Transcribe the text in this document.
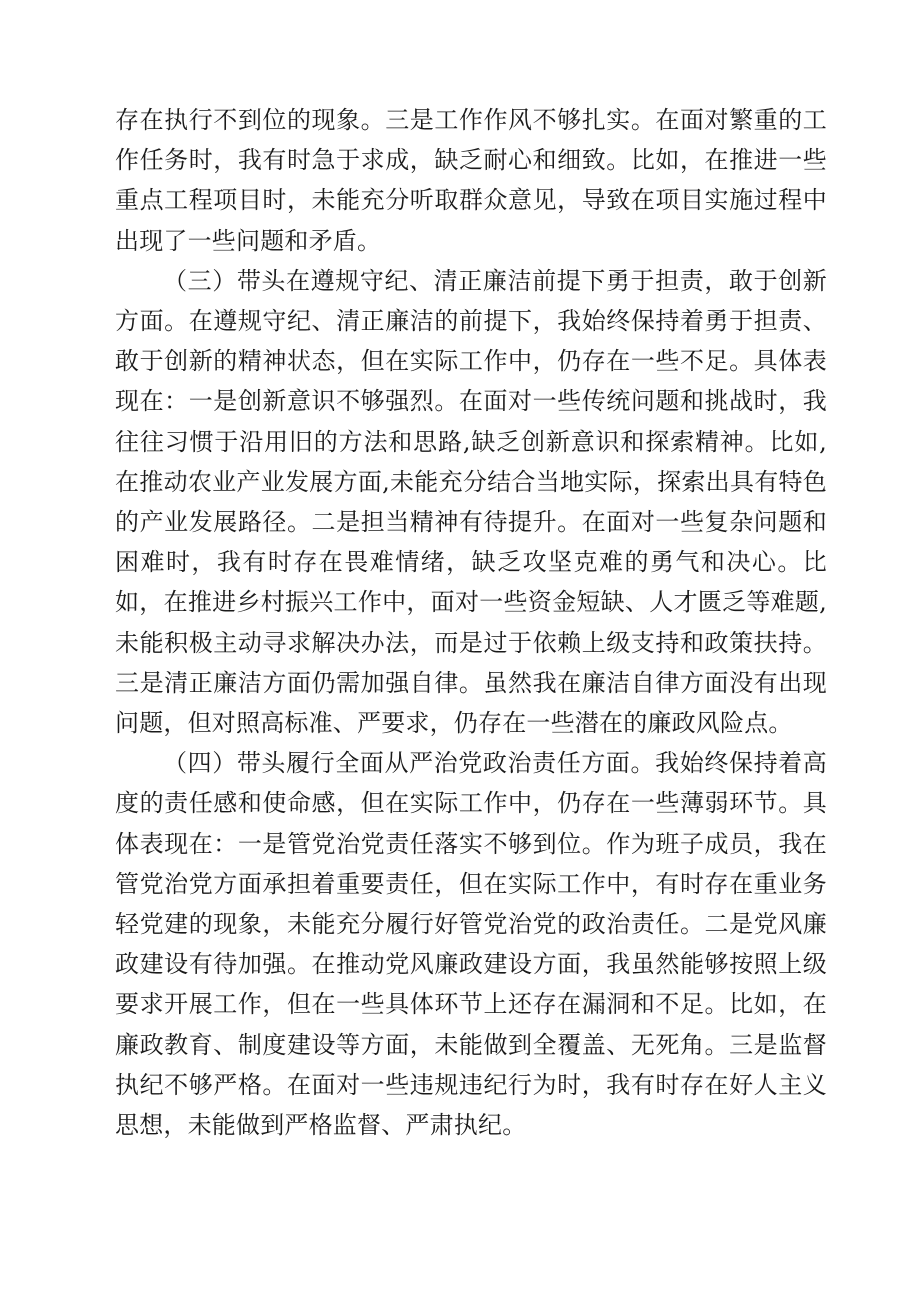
存在执行不到位的现象。三是工作作风不够扎实。在面对繁重的工作任务时，我有时急于求成，缺乏耐心和细致。比如，在推进一些重点工程项目时，未能充分听取群众意见，导致在项目实施过程中出现了一些问题和矛盾。

（三）带头在遵规守纪、清正廉洁前提下勇于担责，敢于创新方面。在遵规守纪、清正廉洁的前提下，我始终保持着勇于担责、敢于创新的精神状态，但在实际工作中，仍存在一些不足。具体表现在：一是创新意识不够强烈。在面对一些传统问题和挑战时，我往往习惯于沿用旧的方法和思路,缺乏创新意识和探索精神。比如,在推动农业产业发展方面,未能充分结合当地实际，探索出具有特色的产业发展路径。二是担当精神有待提升。在面对一些复杂问题和困难时，我有时存在畏难情绪，缺乏攻坚克难的勇气和决心。比如，在推进乡村振兴工作中，面对一些资金短缺、人才匮乏等难题,未能积极主动寻求解决办法，而是过于依赖上级支持和政策扶持。三是清正廉洁方面仍需加强自律。虽然我在廉洁自律方面没有出现问题，但对照高标准、严要求，仍存在一些潜在的廉政风险点。

（四）带头履行全面从严治党政治责任方面。我始终保持着高度的责任感和使命感，但在实际工作中，仍存在一些薄弱环节。具体表现在：一是管党治党责任落实不够到位。作为班子成员，我在管党治党方面承担着重要责任，但在实际工作中，有时存在重业务轻党建的现象，未能充分履行好管党治党的政治责任。二是党风廉政建设有待加强。在推动党风廉政建设方面，我虽然能够按照上级要求开展工作，但在一些具体环节上还存在漏洞和不足。比如，在廉政教育、制度建设等方面，未能做到全覆盖、无死角。三是监督执纪不够严格。在面对一些违规违纪行为时，我有时存在好人主义思想，未能做到严格监督、严肃执纪。
